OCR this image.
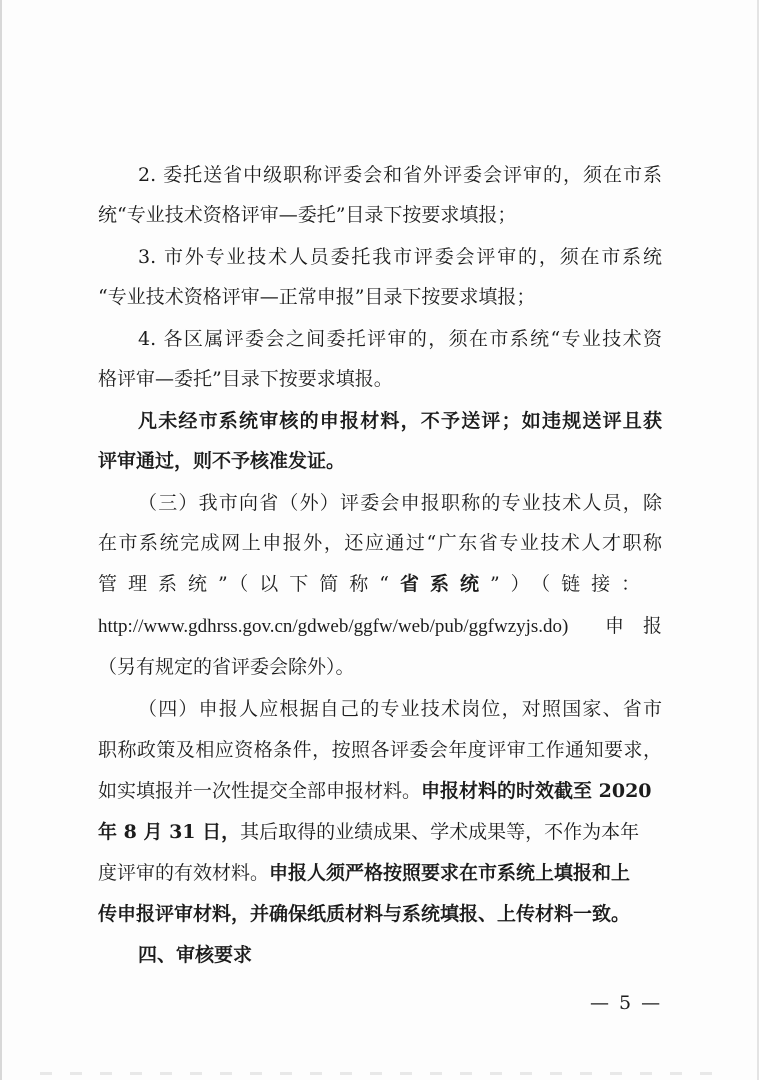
2. 委托送省中级职称评委会和省外评委会评审的，须在市系
统“专业技术资格评审—委托”目录下按要求填报；
3. 市外专业技术人员委托我市评委会评审的，须在市系统
“专业技术资格评审—正常申报”目录下按要求填报；
4. 各区属评委会之间委托评审的，须在市系统“专业技术资
格评审—委托”目录下按要求填报。
凡未经市系统审核的申报材料，不予送评；如违规送评且获
评审通过，则不予核准发证。
（三）我市向省（外）评委会申报职称的专业技术人员，除
在市系统完成网上申报外，还应通过“广东省专业技术人才职称
管理系统”（以下简称“省系统”）（链接：
http://www.gdhrss.gov.cn/gdweb/ggfw/web/pub/ggfwzyjs.do) 申　报
（另有规定的省评委会除外）。
（四）申报人应根据自己的专业技术岗位，对照国家、省市
职称政策及相应资格条件，按照各评委会年度评审工作通知要求，
如实填报并一次性提交全部申报材料。申报材料的时效截至 2020
年 8 月 31 日，其后取得的业绩成果、学术成果等，不作为本年
度评审的有效材料。申报人须严格按照要求在市系统上填报和上
传申报评审材料，并确保纸质材料与系统填报、上传材料一致。
四、审核要求
— 5 —
